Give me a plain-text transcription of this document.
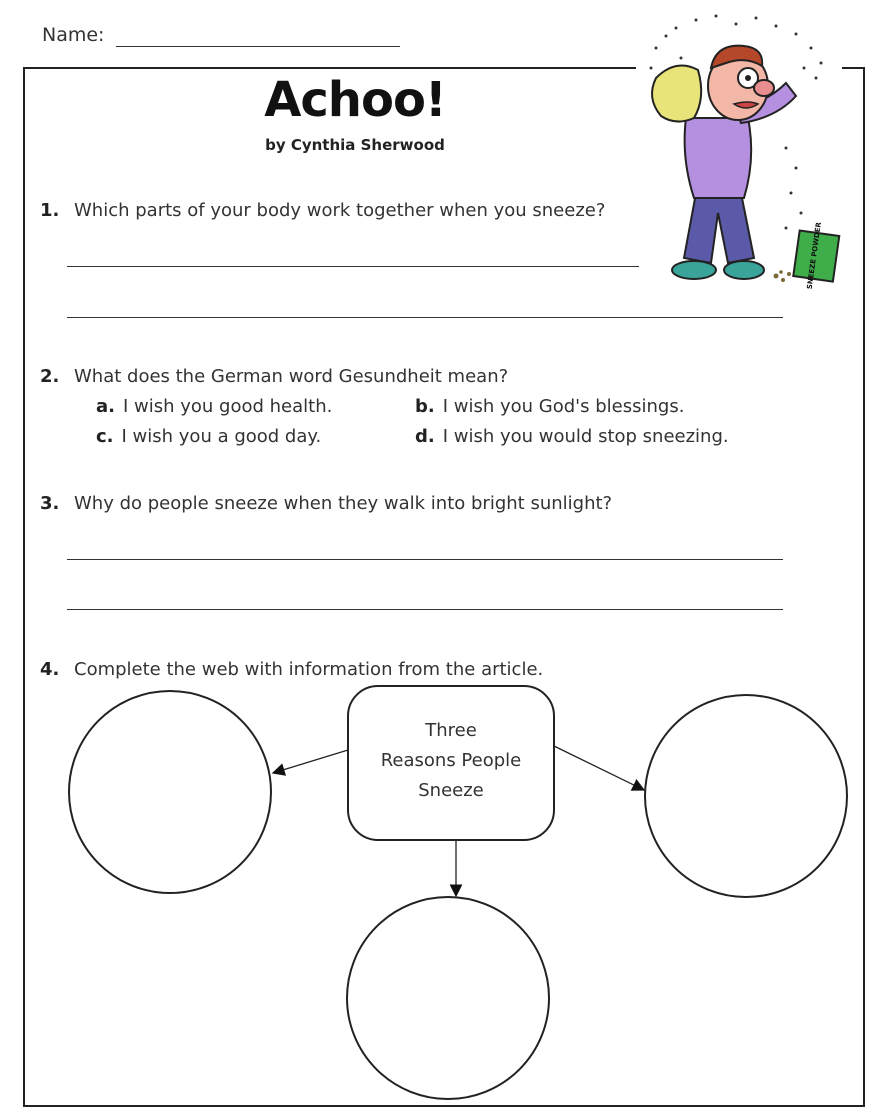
Name:
Achoo!
by Cynthia Sherwood
1. Which parts of your body work together when you sneeze?
2. What does the German word Gesundheit mean?
a. I wish you good health.	b. I wish you God's blessings.
c. I wish you a good day.	d. I wish you would stop sneezing.
3. Why do people sneeze when they walk into bright sunlight?
4. Complete the web with information from the article.
Three
Reasons People
Sneeze
SNEEZE POWDER
